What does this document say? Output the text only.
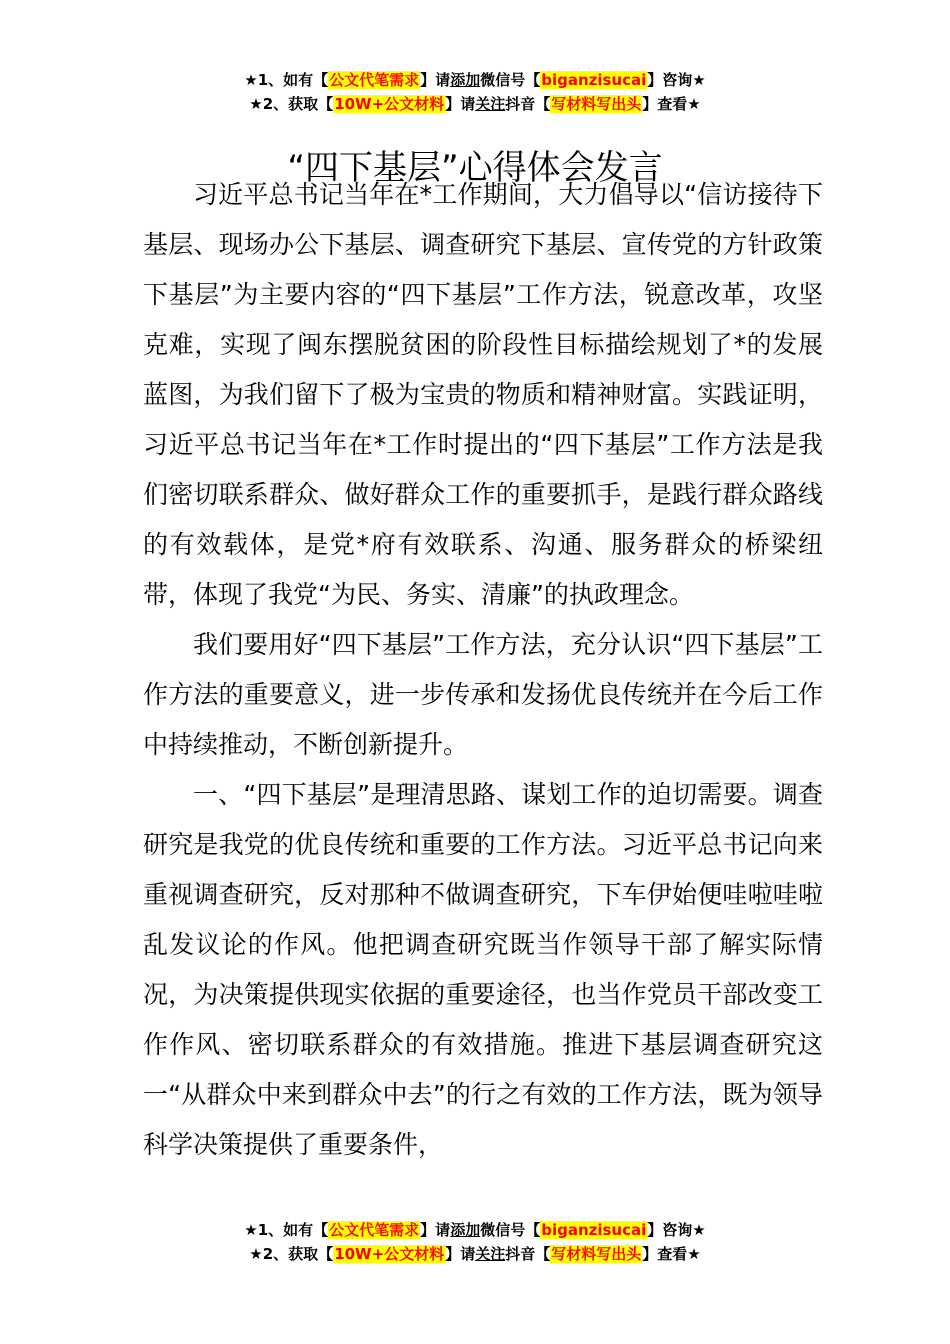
★1、如有【公文代笔需求】请添加微信号【biganzisucai】咨询★
★2、获取【10W+公文材料】请关注抖音【写材料写出头】查看★
“四下基层”心得体会发言

习近平总书记当年在*工作期间，大力倡导以“信访接待下基层、现场办公下基层、调查研究下基层、宣传党的方针政策下基层”为主要内容的“四下基层”工作方法，锐意改革，攻坚克难，实现了闽东摆脱贫困的阶段性目标描绘规划了*的发展蓝图，为我们留下了极为宝贵的物质和精神财富。实践证明，习近平总书记当年在*工作时提出的“四下基层”工作方法是我们密切联系群众、做好群众工作的重要抓手，是践行群众路线的有效载体，是党*府有效联系、沟通、服务群众的桥梁纽带，体现了我党“为民、务实、清廉”的执政理念。

我们要用好“四下基层”工作方法，充分认识“四下基层”工作方法的重要意义，进一步传承和发扬优良传统并在今后工作中持续推动，不断创新提升。

一、“四下基层”是理清思路、谋划工作的迫切需要。调查研究是我党的优良传统和重要的工作方法。习近平总书记向来重视调查研究，反对那种不做调查研究，下车伊始便哇啦哇啦乱发议论的作风。他把调查研究既当作领导干部了解实际情况，为决策提供现实依据的重要途径，也当作党员干部改变工作作风、密切联系群众的有效措施。推进下基层调查研究这一“从群众中来到群众中去”的行之有效的工作方法，既为领导科学决策提供了重要条件，

★1、如有【公文代笔需求】请添加微信号【biganzisucai】咨询★
★2、获取【10W+公文材料】请关注抖音【写材料写出头】查看★
